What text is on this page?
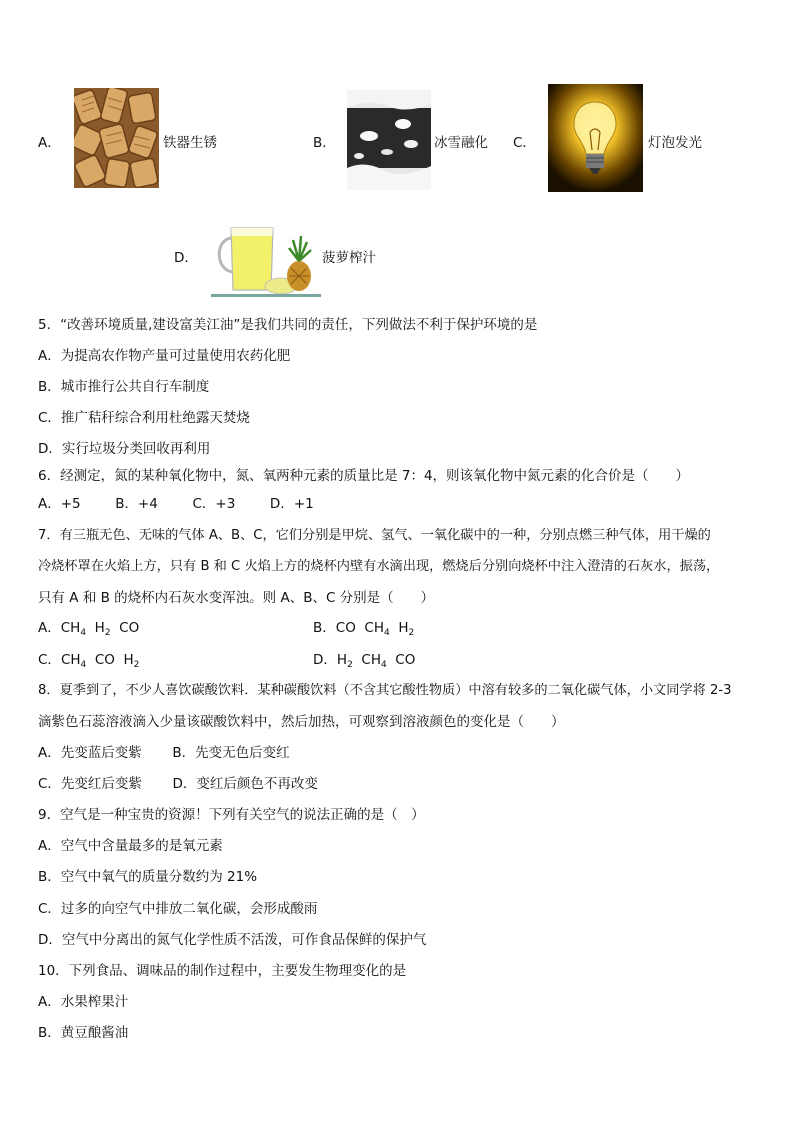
A．	铁器生锈	B．	冰雪融化 C．	灯泡发光
D．	菠萝榨汁
5．“改善环境质量,建设富美江油”是我们共同的责任，下列做法不利于保护环境的是
A．为提高农作物产量可过量使用农药化肥
B．城市推行公共自行车制度
C．推广秸秆综合利用杜绝露天焚烧
D．实行垃圾分类回收再利用
6．经测定，氮的某种氧化物中，氮、氧两种元素的质量比是 7：4，则该氧化物中氮元素的化合价是（　　）
A．+5	B．+4	C．+3	D．+1
7．有三瓶无色、无味的气体 A、B、C，它们分别是甲烷、氢气、一氧化碳中的一种，分别点燃三种气体，用干燥的
冷烧杯罩在火焰上方，只有 B 和 C 火焰上方的烧杯内壁有水滴出现，燃烧后分别向烧杯中注入澄清的石灰水，振荡，
只有 A 和 B 的烧杯内石灰水变浑浊。则 A、B、C 分别是（　　）
A．$CH_4$ $H_2$ CO	B．CO $CH_4$ $H_2$
C．$CH_4$ CO $H_2$	D．$H_2$ $CH_4$ CO
8．夏季到了，不少人喜饮碳酸饮料．某种碳酸饮料（不含其它酸性物质）中溶有较多的二氧化碳气体，小文同学将 2-3
滴紫色石蕊溶液滴入少量该碳酸饮料中，然后加热，可观察到溶液颜色的变化是（　　）
A．先变蓝后变紫 B．先变无色后变红
C．先变红后变紫 D．变红后颜色不再改变
9．空气是一种宝贵的资源！下列有关空气的说法正确的是（　）
A．空气中含量最多的是氧元素
B．空气中氧气的质量分数约为 21%
C．过多的向空气中排放二氧化碳，会形成酸雨
D．空气中分离出的氮气化学性质不活泼，可作食品保鲜的保护气
10．下列食品、调味品的制作过程中，主要发生物理变化的是
A．水果榨果汁
B．黄豆酿酱油
